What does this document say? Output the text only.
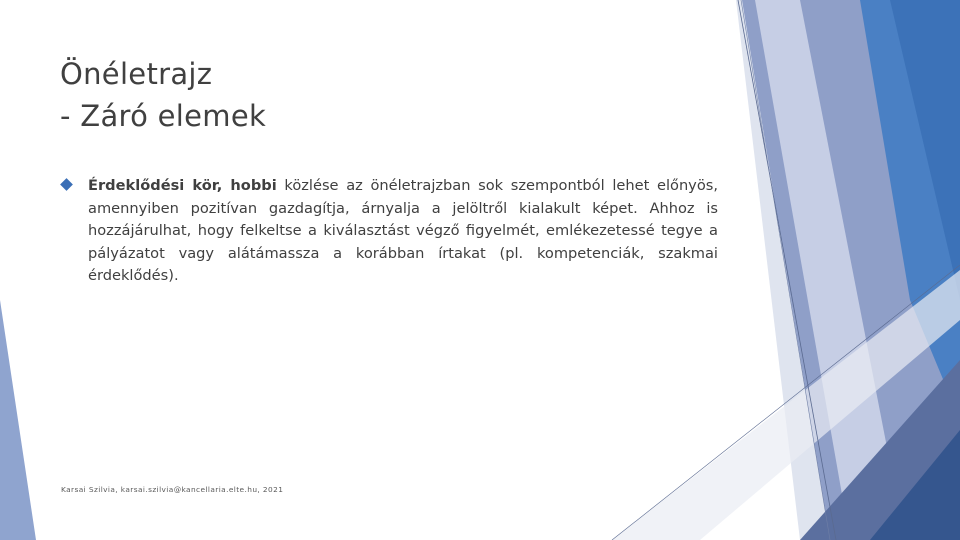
Önéletrajz
- Záró elemek
Érdeklődési kör, hobbi közlése az önéletrajzban sok szempontból lehet előnyös, amennyiben pozitívan gazdagítja, árnyalja a jelöltről kialakult képet. Ahhoz is hozzájárulhat, hogy felkeltse a kiválasztást végző figyelmét, emlékezetessé tegye a pályázatot vagy alátámassza a korábban írtakat (pl. kompetenciák, szakmai érdeklődés).
Karsai Szilvia, karsai.szilvia@kancellaria.elte.hu, 2021
